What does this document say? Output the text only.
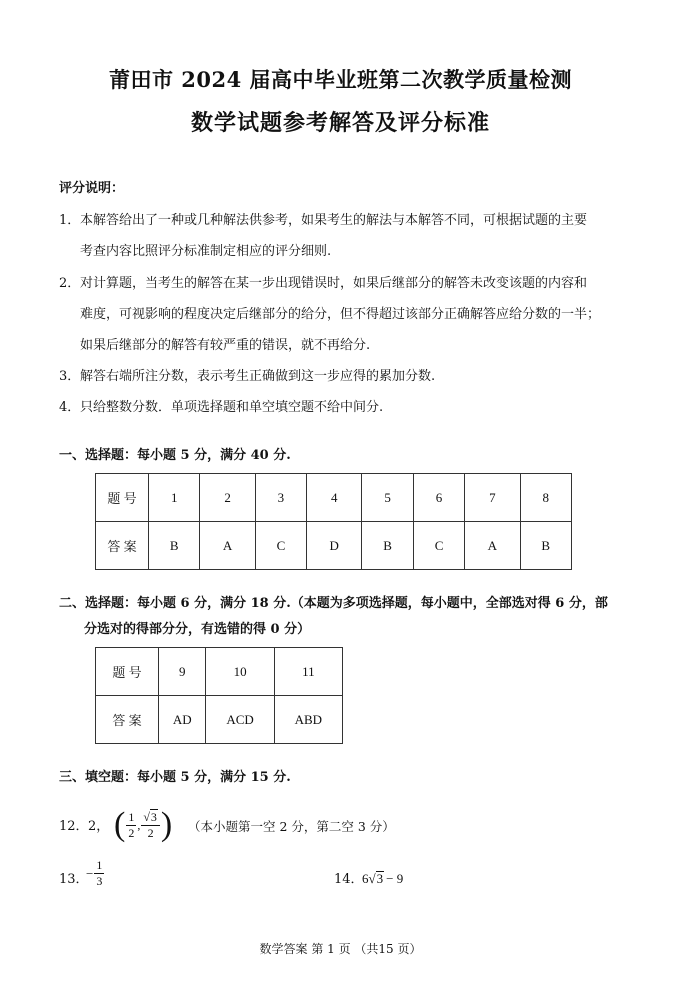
莆田市 2024 届高中毕业班第二次教学质量检测
数学试题参考解答及评分标准
评分说明：
1． 本解答给出了一种或几种解法供参考，如果考生的解法与本解答不同，可根据试题的主要
考查内容比照评分标准制定相应的评分细则.
2． 对计算题，当考生的解答在某一步出现错误时，如果后继部分的解答未改变该题的内容和
难度，可视影响的程度决定后继部分的给分，但不得超过该部分正确解答应给分数的一半；
如果后继部分的解答有较严重的错误，就不再给分.
3． 解答右端所注分数，表示考生正确做到这一步应得的累加分数.
4． 只给整数分数．单项选择题和单空填空题不给中间分.
一、选择题：每小题 5 分，满分 40 分.
题 号	1	2	3	4	5	6	7	8
答 案	B	A	C	D	B	C	A	B
二、选择题：每小题 6 分，满分 18 分.（本题为多项选择题，每小题中，全部选对得 6 分，部
分选对的得部分分，有选错的得 0 分）
题 号	9	10	11
答 案	AD	ACD	ABD
三、填空题：每小题 5 分，满分 15 分.
12． 2， ( $\frac{1}{2}$ , $\frac{√3}{2}$ ) （本小题第一空 2 分，第二空 3 分）
13．
− $\frac{1}{3}$	14．
6√3 − 9
数学答案 第 1 页 （共15 页）
